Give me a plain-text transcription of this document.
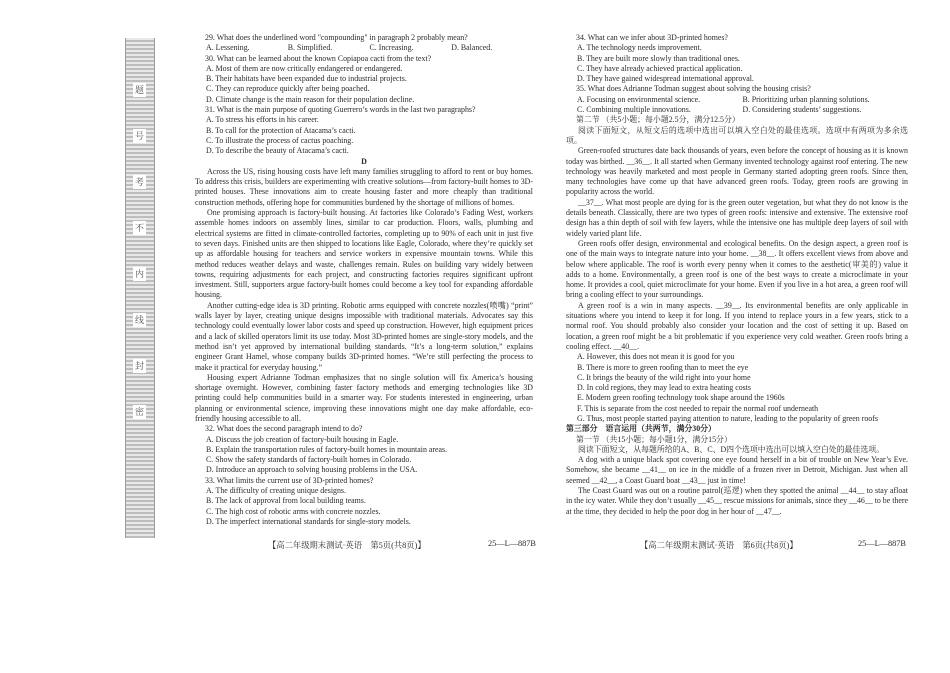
题
号
考
不
内
线
封
密
29. What does the underlined word "compounding" in paragraph 2 probably mean?
A. Lessening.	B. Simplified.	C. Increasing.	D. Balanced.
30. What can be learned about the known Copiapoa cacti from the text?
A. Most of them are now critically endangered or endangered.
B. Their habitats have been expanded due to industrial projects.
C. They can reproduce quickly after being poached.
D. Climate change is the main reason for their population decline.
31. What is the main purpose of quoting Guerrero’s words in the last two paragraphs?
A. To stress his efforts in his career.
B. To call for the protection of Atacama’s cacti.
C. To illustrate the process of cactus poaching.
D. To describe the beauty of Atacama’s cacti.
D
Across the US, rising housing costs have left many families struggling to afford to rent or buy homes. To address this crisis, builders are experimenting with creative solutions—from factory-built homes to 3D-printed houses. These innovations aim to create housing faster and more cheaply than traditional construction methods, offering hope for communities burdened by the shortage of millions of homes.
One promising approach is factory-built housing. At factories like Colorado’s Fading West, workers assemble homes indoors on assembly lines, similar to car production. Floors, walls, plumbing and electrical systems are fitted in climate-controlled factories, completing up to 90% of each unit in just five to seven days. Finished units are then shipped to locations like Eagle, Colorado, where they’re quickly set up as affordable housing for teachers and service workers in expensive mountain towns. While this method reduces weather delays and waste, challenges remain. Rules on building vary widely between towns, requiring adjustments for each project, and constructing factories requires significant upfront investment. Still, supporters argue factory-built homes could become a key tool for expanding affordable housing.
Another cutting-edge idea is 3D printing. Robotic arms equipped with concrete nozzles(喷嘴) “print” walls layer by layer, creating unique designs impossible with traditional materials. Advocates say this technology could eventually lower labor costs and speed up construction. However, high equipment prices and a lack of skilled operators limit its use today. Most 3D-printed homes are single-story models, and the method isn’t yet approved by international building standards. “It’s a long-term solution,” explains engineer Grant Hamel, whose company builds 3D-printed homes. “We’re still perfecting the process to make it practical for everyday housing.”
Housing expert Adrianne Todman emphasizes that no single solution will fix America’s housing shortage overnight. However, combining faster factory methods and emerging technologies like 3D printing could help communities build in a smarter way. For students interested in engineering, urban planning or environmental science, improving these innovations might one day make affordable, eco-friendly housing accessible to all.
32. What does the second paragraph intend to do?
A. Discuss the job creation of factory-built housing in Eagle.
B. Explain the transportation rules of factory-built homes in mountain areas.
C. Show the safety standards of factory-built homes in Colorado.
D. Introduce an approach to solving housing problems in the USA.
33. What limits the current use of 3D-printed homes?
A. The difficulty of creating unique designs.
B. The lack of approval from local building teams.
C. The high cost of robotic arms with concrete nozzles.
D. The imperfect international standards for single-story models.
34. What can we infer about 3D-printed homes?
A. The technology needs improvement.
B. They are built more slowly than traditional ones.
C. They have already achieved practical application.
D. They have gained widespread international approval.
35. What does Adrianne Todman suggest about solving the housing crisis?
A. Focusing on environmental science.	B. Prioritizing urban planning solutions.
C. Combining multiple innovations.	D. Considering students’ suggestions.
第二节 （共5小题；每小题2.5分，满分12.5分）
阅读下面短文，从短文后的选项中选出可以填入空白处的最佳选项。选项中有两项为多余选项。
Green-roofed structures date back thousands of years, even before the concept of housing as it is known today was birthed. __36__. It all started when Germany invented technology against roof entering. The new technology was heavily marketed and most people in Germany started adopting green roofs. Since then, many technologies have come up that have advanced green roofs. Today, green roofs are growing in popularity across the world.
__37__. What most people are dying for is the green outer vegetation, but what they do not know is the details beneath. Classically, there are two types of green roofs: intensive and extensive. The extensive roof design has a thin depth of soil with few layers, while the intensive one has multiple deep layers of soil with widely varied plant life.
Green roofs offer design, environmental and ecological benefits. On the design aspect, a green roof is one of the main ways to integrate nature into your home. __38__. It offers excellent views from above and below where applicable. The roof is worth every penny when it comes to the aesthetic(审美的) value it adds to a home. Environmentally, a green roof is one of the best ways to create a microclimate in your home. It provides a cool, quiet microclimate for your home. Even if you live in a hot area, a green roof will bring a cooling effect to your surroundings.
A green roof is a win in many aspects. __39__. Its environmental benefits are only applicable in situations where you intend to keep it for long. If you intend to replace yours in a few years, stick to a normal roof. You should probably also consider your location and the cost of setting it up. Based on location, a green roof might be a bit problematic if you experience very cold weather. Green roofs bring a cooling effect. __40__.
A. However, this does not mean it is good for you
B. There is more to green roofing than to meet the eye
C. It brings the beauty of the wild right into your home
D. In cold regions, they may lead to extra heating costs
E. Modern green roofing technology took shape around the 1960s
F. This is separate from the cost needed to repair the normal roof underneath
G. Thus, most people started paying attention to nature, leading to the popularity of green roofs
第三部分　语言运用（共两节，满分30分）
第一节 （共15小题；每小题1分，满分15分）
阅读下面短文，从每题所给的A、B、C、D四个选项中选出可以填入空白处的最佳选项。
A dog with a unique black spot covering one eye found herself in a bit of trouble on New Year’s Eve. Somehow, she became __41__ on ice in the middle of a frozen river in Detroit, Michigan. Just when all seemed __42__, a Coast Guard boat __43__ just in time!
The Coast Guard was out on a routine patrol(巡逻) when they spotted the animal __44__ to stay afloat in the icy water. While they don’t usually __45__ rescue missions for animals, since they __46__ to be there at the time, they decided to help the poor dog in her hour of __47__.
【高二年级期末测试·英语　第5页(共8页)】	25—L—887B	【高二年级期末测试·英语　第6页(共8页)】	25—L—887B
